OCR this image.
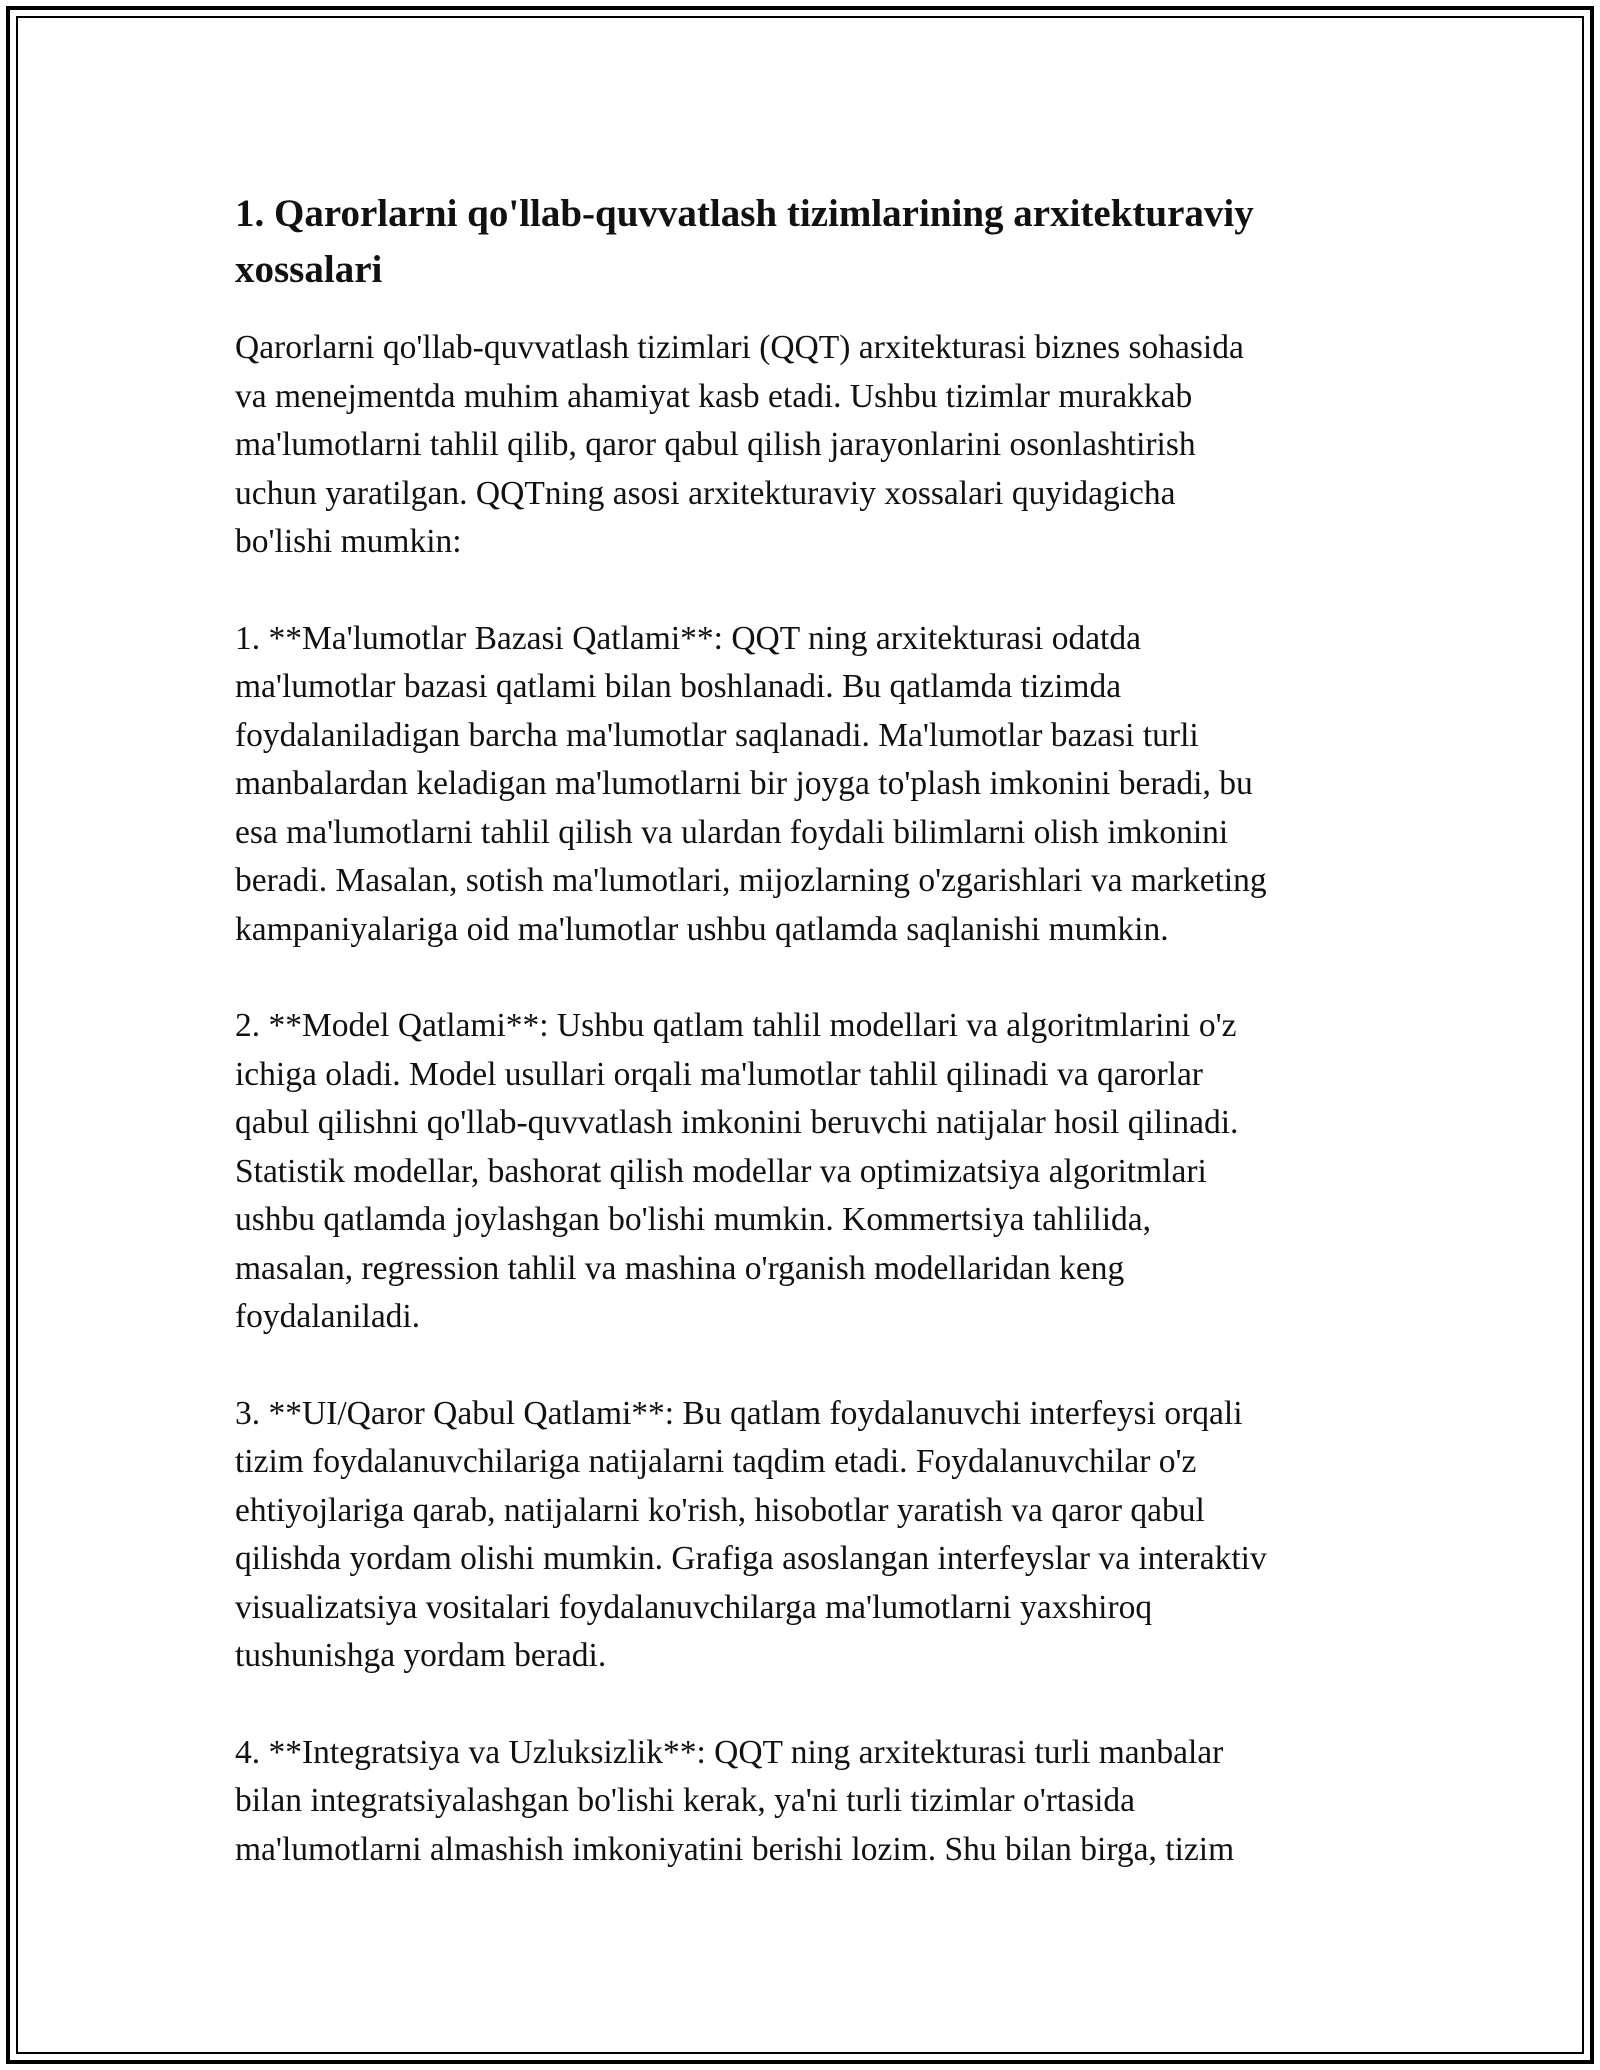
1. Qarorlarni qo'llab-quvvatlash tizimlarining arxitekturaviy xossalari

Qarorlarni qo'llab-quvvatlash tizimlari (QQT) arxitekturasi biznes sohasida
va menejmentda muhim ahamiyat kasb etadi. Ushbu tizimlar murakkab
ma'lumotlarni tahlil qilib, qaror qabul qilish jarayonlarini osonlashtirish
uchun yaratilgan. QQTning asosi arxitekturaviy xossalari quyidagicha
bo'lishi mumkin:

1. **Ma'lumotlar Bazasi Qatlami**: QQT ning arxitekturasi odatda
ma'lumotlar bazasi qatlami bilan boshlanadi. Bu qatlamda tizimda
foydalaniladigan barcha ma'lumotlar saqlanadi. Ma'lumotlar bazasi turli
manbalardan keladigan ma'lumotlarni bir joyga to'plash imkonini beradi, bu
esa ma'lumotlarni tahlil qilish va ulardan foydali bilimlarni olish imkonini
beradi. Masalan, sotish ma'lumotlari, mijozlarning o'zgarishlari va marketing
kampaniyalariga oid ma'lumotlar ushbu qatlamda saqlanishi mumkin.

2. **Model Qatlami**: Ushbu qatlam tahlil modellari va algoritmlarini o'z
ichiga oladi. Model usullari orqali ma'lumotlar tahlil qilinadi va qarorlar
qabul qilishni qo'llab-quvvatlash imkonini beruvchi natijalar hosil qilinadi.
Statistik modellar, bashorat qilish modellar va optimizatsiya algoritmlari
ushbu qatlamda joylashgan bo'lishi mumkin. Kommertsiya tahlilida,
masalan, regression tahlil va mashina o'rganish modellaridan keng
foydalaniladi.

3. **UI/Qaror Qabul Qatlami**: Bu qatlam foydalanuvchi interfeysi orqali
tizim foydalanuvchilariga natijalarni taqdim etadi. Foydalanuvchilar o'z
ehtiyojlariga qarab, natijalarni ko'rish, hisobotlar yaratish va qaror qabul
qilishda yordam olishi mumkin. Grafiga asoslangan interfeyslar va interaktiv
visualizatsiya vositalari foydalanuvchilarga ma'lumotlarni yaxshiroq
tushunishga yordam beradi.

4. **Integratsiya va Uzluksizlik**: QQT ning arxitekturasi turli manbalar
bilan integratsiyalashgan bo'lishi kerak, ya'ni turli tizimlar o'rtasida
ma'lumotlarni almashish imkoniyatini berishi lozim. Shu bilan birga, tizim
